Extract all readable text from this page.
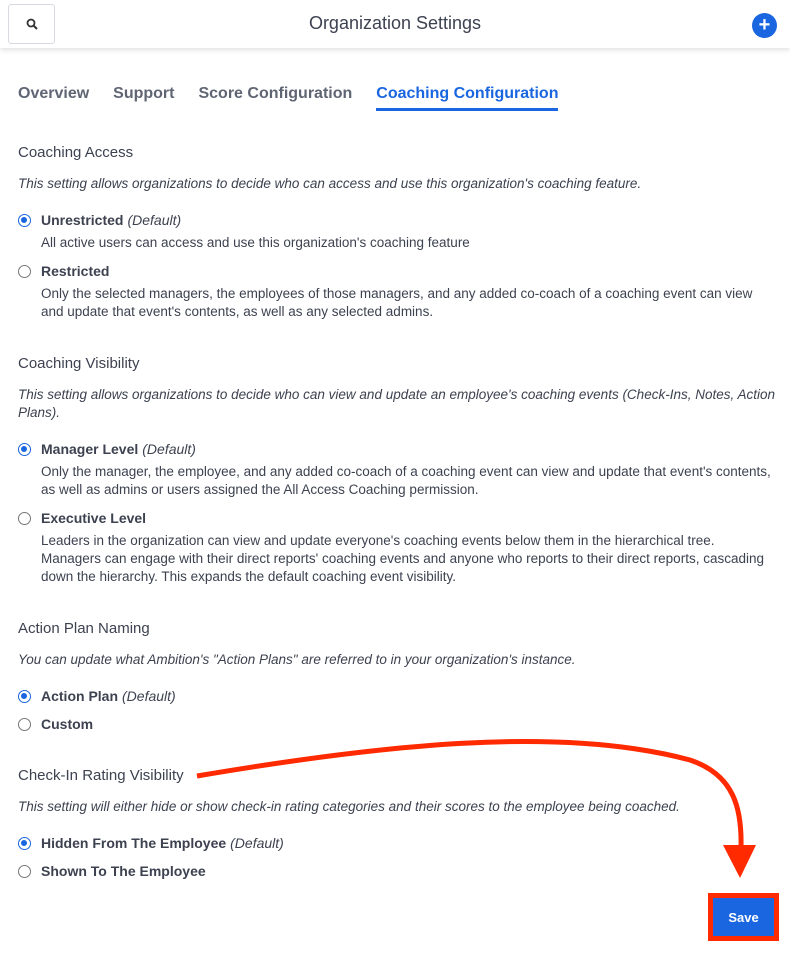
Organization Settings	+
Overview Support Score Configuration Coaching Configuration
Coaching Access
This setting allows organizations to decide who can access and use this organization's coaching feature.
Unrestricted (Default)
All active users can access and use this organization's coaching feature
Restricted
Only the selected managers, the employees of those managers, and any added co-coach of a coaching event can view and update that event's contents, as well as any selected admins.
Coaching Visibility
This setting allows organizations to decide who can view and update an employee's coaching events (Check-Ins, Notes, Action Plans).
Manager Level (Default)
Only the manager, the employee, and any added co-coach of a coaching event can view and update that event's contents, as well as admins or users assigned the All Access Coaching permission.
Executive Level
Leaders in the organization can view and update everyone's coaching events below them in the hierarchical tree. Managers can engage with their direct reports' coaching events and anyone who reports to their direct reports, cascading down the hierarchy. This expands the default coaching event visibility.
Action Plan Naming
You can update what Ambition's "Action Plans" are referred to in your organization's instance.
Action Plan (Default)
Custom
Check-In Rating Visibility
This setting will either hide or show check-in rating categories and their scores to the employee being coached.
Hidden From The Employee (Default)
Shown To The Employee
Save
